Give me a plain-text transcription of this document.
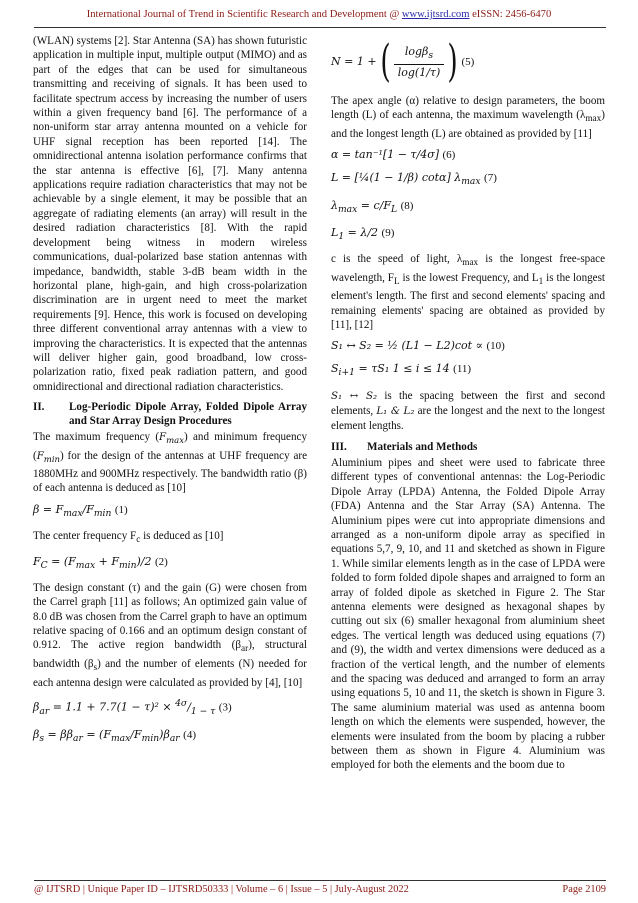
International Journal of Trend in Scientific Research and Development @ www.ijtsrd.com eISSN: 2456-6470

(WLAN) systems [2]. Star Antenna (SA) has shown futuristic application in multiple input, multiple output (MIMO) and as part of the edges that can be used for simultaneous transmitting and receiving of signals. It has been used to facilitate spectrum access by increasing the number of users within a given frequency band [6]. The performance of a non-uniform star array antenna mounted on a vehicle for UHF signal reception has been reported [14]. The omnidirectional antenna isolation performance confirms that the star antenna is effective [6], [7]. Many antenna applications require radiation characteristics that may not be achievable by a single element, it may be possible that an aggregate of radiating elements (an array) will result in the desired radiation characteristics [8]. With the rapid development being witness in modern wireless communications, dual-polarized base station antennas with impedance, bandwidth, stable 3-dB beam width in the horizontal plane, high-gain, and high cross-polarization discrimination are in urgent need to meet the market requirements [9]. Hence, this work is focused on developing three different conventional array antennas with a view to improving the characteristics. It is expected that the antennas will deliver higher gain, good broadband, low cross-polarization ratio, fixed peak radiation pattern, and good omnidirectional and directional radiation characteristics.

II.	Log-Periodic Dipole Array, Folded Dipole Array and Star Array Design Procedures

The maximum frequency $(F_{max})$ and minimum frequency $(F_{min})$ for the design of the antennas at UHF frequency are 1880MHz and 900MHz respectively. The bandwidth ratio (β) of each antenna is deduced as [10]

$\beta = F_{max}/F_{min}$ (1)

The center frequency $F_c$ is deduced as [10]

$F_C = (F_{max} + F_{min})/2$ (2)

The design constant (τ) and the gain (G) were chosen from the Carrel graph [11] as follows; An optimized gain value of 8.0 dB was chosen from the Carrel graph to have an optimum relative spacing of 0.166 and an optimum design constant of 0.912. The active region bandwidth $(\beta_{ar})$, structural bandwidth $(\beta_s)$ and the number of elements (N) needed for each antenna design were calculated as provided by [4], [10]

$\beta_{ar} = 1.1 + 7.7(1 - \tau)^2 \times ^{4\sigma}/_{1 - \tau}$ (3)
$\beta_s = \beta\beta_{ar} = (F_{max}/F_{min})\beta_{ar}$ (4)
N = 1 + ( $\frac{\log\beta_s}{\log(1/\tau)}$ ) (5)

The apex angle (α) relative to design parameters, the boom length (L) of each antenna, the maximum wavelength $(\lambda_{max})$ and the longest length (L) are obtained as provided by [11]

α = tan⁻¹[1 − τ/4σ] (6)
L = [¼(1 − 1/β) cotα] $\lambda_{max}$ (7)
$\lambda_{max} = c/F_L$ (8)
$L_1 = \lambda/2$ (9)

c is the speed of light, $\lambda_{max}$ is the longest free-space wavelength, $F_L$ is the lowest Frequency, and $L_1$ is the longest element's length. The first and second elements' spacing and remaining elements' spacing are obtained as provided by [11], [12]

S₁ ↔ S₂ = ½ (L1 − L2)cot ∝ (10)
$S_{i+1} = \tau S_1$ 1 ≤ i ≤ 14 (11)

S₁ ↔ S₂ is the spacing between the first and second elements, L₁ & L₂ are the longest and the next to the longest element lengths.

III.	Materials and Methods

Aluminium pipes and sheet were used to fabricate three different types of conventional antennas: the Log-Periodic Dipole Array (LPDA) Antenna, the Folded Dipole Array (FDA) Antenna and the Star Array (SA) Antenna. The Aluminium pipes were cut into appropriate dimensions and arranged as a non-uniform dipole array as specified in equations 5,7, 9, 10, and 11 and sketched as shown in Figure 1. While similar elements length as in the case of LPDA were folded to form folded dipole shapes and arraigned to form an array of folded dipole as sketched in Figure 2. The Star antenna elements were designed as hexagonal shapes by cutting out six (6) smaller hexagonal from aluminium sheet edges. The vertical length was deduced using equations (7) and (9), the width and vertex dimensions were deduced as a fraction of the vertical length, and the number of elements and the spacing was deduced and arranged to form an array using equations 5, 10 and 11, the sketch is shown in Figure 3. The same aluminium material was used as antenna boom length on which the elements were suspended, however, the elements were insulated from the boom by placing a rubber between them as shown in Figure 4. Aluminium was employed for both the elements and the boom due to

@ IJTSRD | Unique Paper ID – IJTSRD50333 | Volume – 6 | Issue – 5 | July-August 2022	Page 2109
